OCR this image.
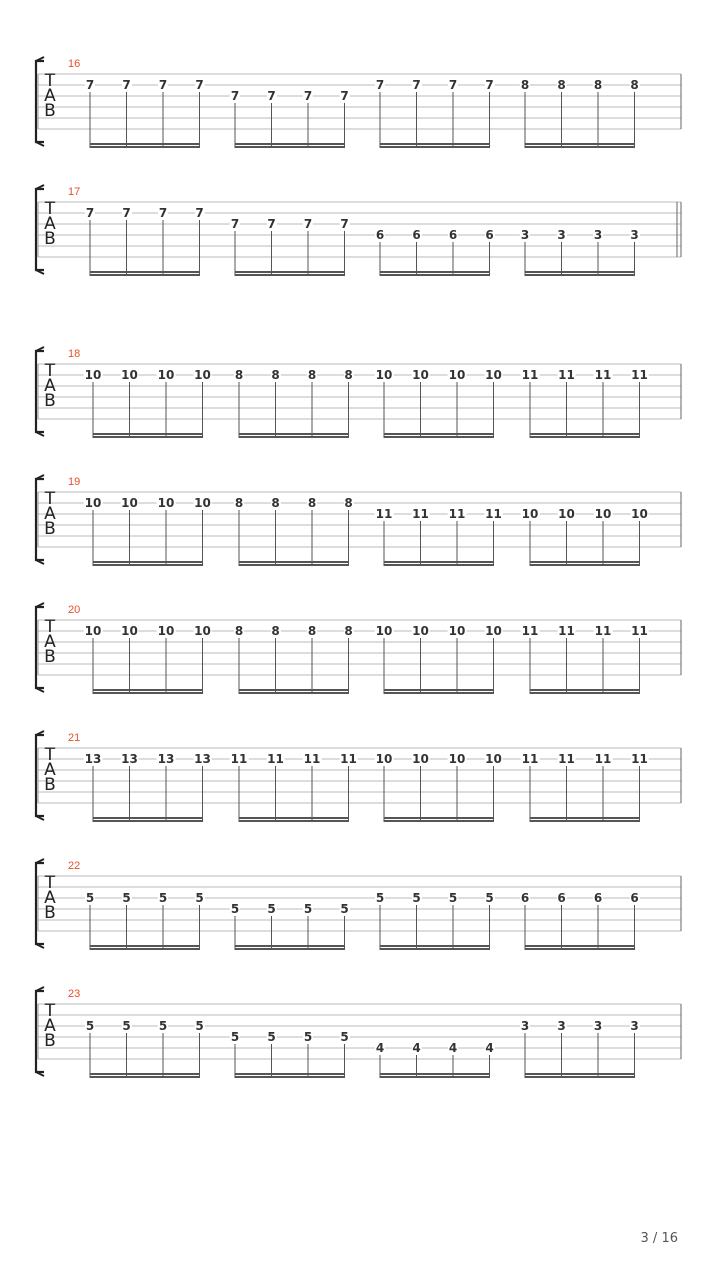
T
A
B
16
7 7 7 7
7 7 7 7
7 7 7 7 8 8 8 8
T
A
B
17
7 7 7 7
7 7 7 7
6 6 6 6 3 3 3 3
T
A
B
18
10 10 10 10 8 8 8 8 10 10 10 10 11 11 11 11
T
A
B
19
10 10 10 10 8 8 8 8
11 11 11 11 10 10 10 10
T
A
B
20
10 10 10 10 8 8 8 8 10 10 10 10 11 11 11 11
T
A
B
21
13 13 13 13 11 11 11 11 10 10 10 10 11 11 11 11
T
A
B
22
5 5 5 5
5 5 5 5
5 5 5 5 6 6 6 6
T
A
B
23
5 5 5 5
5 5 5 5
4 4 4 4
3 3 3 3
3 / 16
